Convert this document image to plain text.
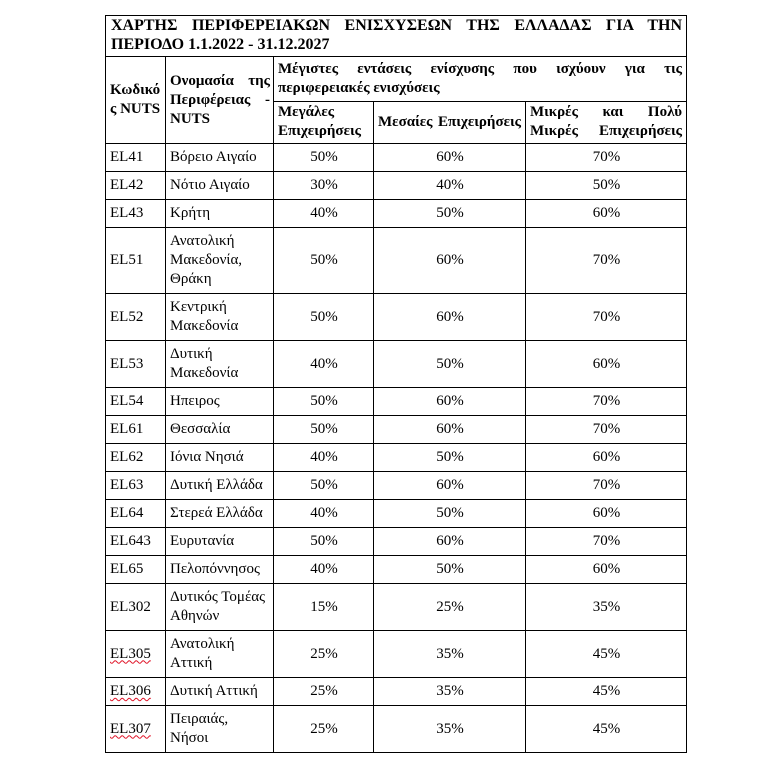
ΧΑΡΤΗΣ ΠΕΡΙΦΕΡΕΙΑΚΩΝ ΕΝΙΣΧΥΣΕΩΝ ΤΗΣ ΕΛΛΑΔΑΣ ΓΙΑ ΤΗΝ ΠΕΡΙΟΔΟ 1.1.2022 - 31.12.2027				
Κωδικός NUTS	Ονομασία της Περιφέρειας - NUTS	Μέγιστες εντάσεις ενίσχυσης που ισχύουν για τις περιφερειακές ενισχύσεις		
		Μεγάλες Επιχειρήσεις	Μεσαίες Επιχειρήσεις	Μικρές και Πολύ Μικρές Επιχειρήσεις
EL41	Βόρειο Αιγαίο	50%	60%	70%
EL42	Νότιο Αιγαίο	30%	40%	50%
EL43	Κρήτη	40%	50%	60%
EL51	Ανατολική Μακεδονία, Θράκη	50%	60%	70%
EL52	Κεντρική Μακεδονία	50%	60%	70%
EL53	Δυτική Μακεδονία	40%	50%	60%
EL54	Ηπειρος	50%	60%	70%
EL61	Θεσσαλία	50%	60%	70%
EL62	Ιόνια Νησιά	40%	50%	60%
EL63	Δυτική Ελλάδα	50%	60%	70%
EL64	Στερεά Ελλάδα	40%	50%	60%
EL643	Ευρυτανία	50%	60%	70%
EL65	Πελοπόννησος	40%	50%	60%
EL302	Δυτικός Τομέας Αθηνών	15%	25%	35%
EL305	Ανατολική Αττική	25%	35%	45%
EL306	Δυτική Αττική	25%	35%	45%
EL307	Πειραιάς, Νήσοι	25%	35%	45%
